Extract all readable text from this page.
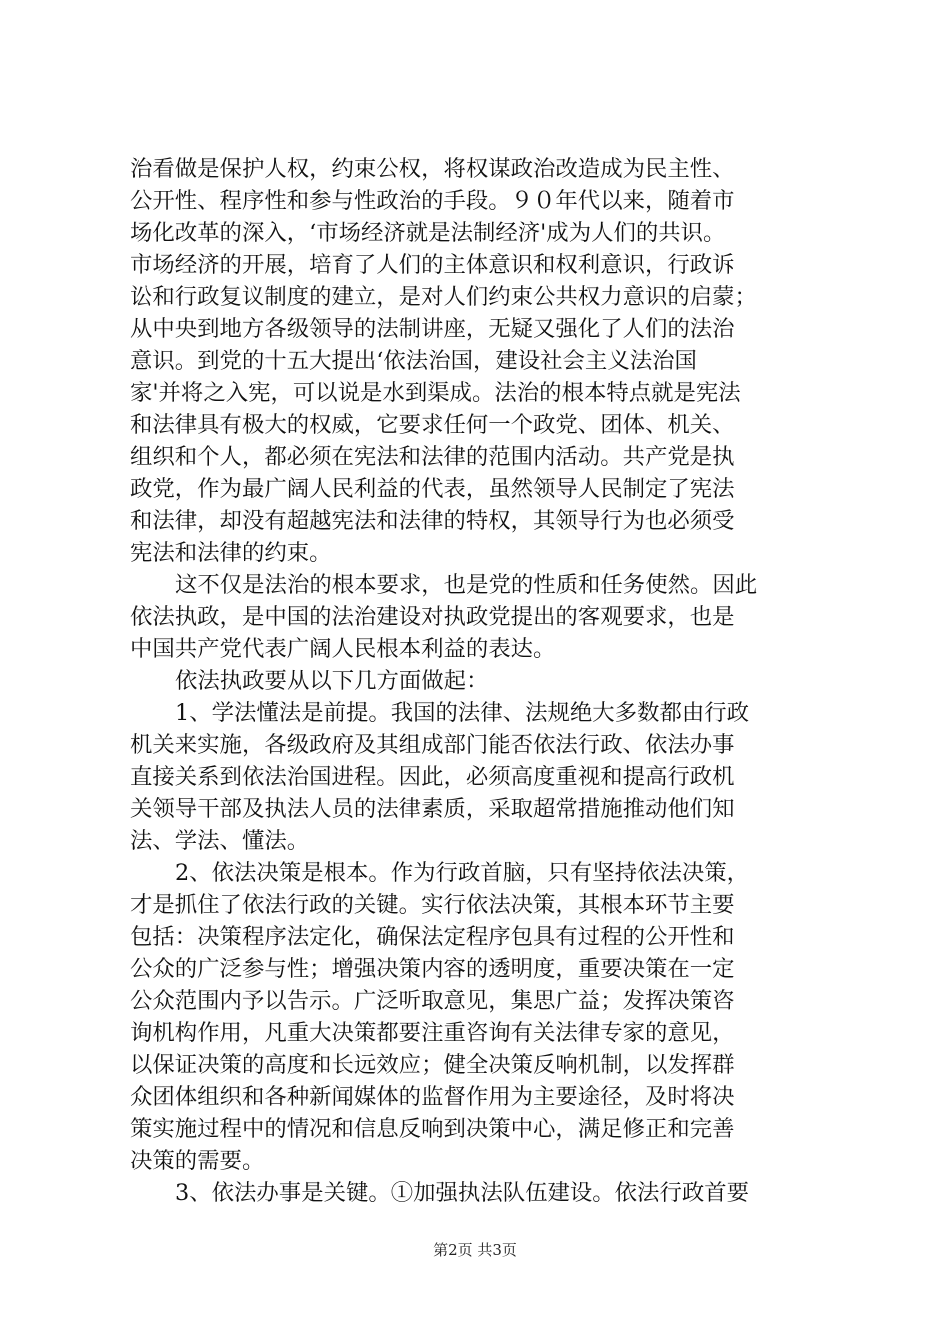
治看做是保护人权，约束公权，将权谋政治改造成为民主性、
公开性、程序性和参与性政治的手段。９０年代以来，随着市
场化改革的深入，‘市场经济就是法制经济'成为人们的共识。
市场经济的开展，培育了人们的主体意识和权利意识，行政诉
讼和行政复议制度的建立，是对人们约束公共权力意识的启蒙；
从中央到地方各级领导的法制讲座，无疑又强化了人们的法治
意识。到党的十五大提出‘依法治国，建设社会主义法治国
家'并将之入宪，可以说是水到渠成。法治的根本特点就是宪法
和法律具有极大的权威，它要求任何一个政党、团体、机关、
组织和个人，都必须在宪法和法律的范围内活动。共产党是执
政党，作为最广阔人民利益的代表，虽然领导人民制定了宪法
和法律，却没有超越宪法和法律的特权，其领导行为也必须受
宪法和法律的约束。
这不仅是法治的根本要求，也是党的性质和任务使然。因此
依法执政，是中国的法治建设对执政党提出的客观要求，也是
中国共产党代表广阔人民根本利益的表达。
依法执政要从以下几方面做起：
1、学法懂法是前提。我国的法律、法规绝大多数都由行政
机关来实施，各级政府及其组成部门能否依法行政、依法办事
直接关系到依法治国进程。因此，必须高度重视和提高行政机
关领导干部及执法人员的法律素质，采取超常措施推动他们知
法、学法、懂法。
2、依法决策是根本。作为行政首脑，只有坚持依法决策，
才是抓住了依法行政的关键。实行依法决策，其根本环节主要
包括：决策程序法定化，确保法定程序包具有过程的公开性和
公众的广泛参与性；增强决策内容的透明度，重要决策在一定
公众范围内予以告示。广泛听取意见，集思广益；发挥决策咨
询机构作用，凡重大决策都要注重咨询有关法律专家的意见，
以保证决策的高度和长远效应；健全决策反响机制，以发挥群
众团体组织和各种新闻媒体的监督作用为主要途径，及时将决
策实施过程中的情况和信息反响到决策中心，满足修正和完善
决策的需要。
3、依法办事是关键。①加强执法队伍建设。依法行政首要
第2页 共3页
